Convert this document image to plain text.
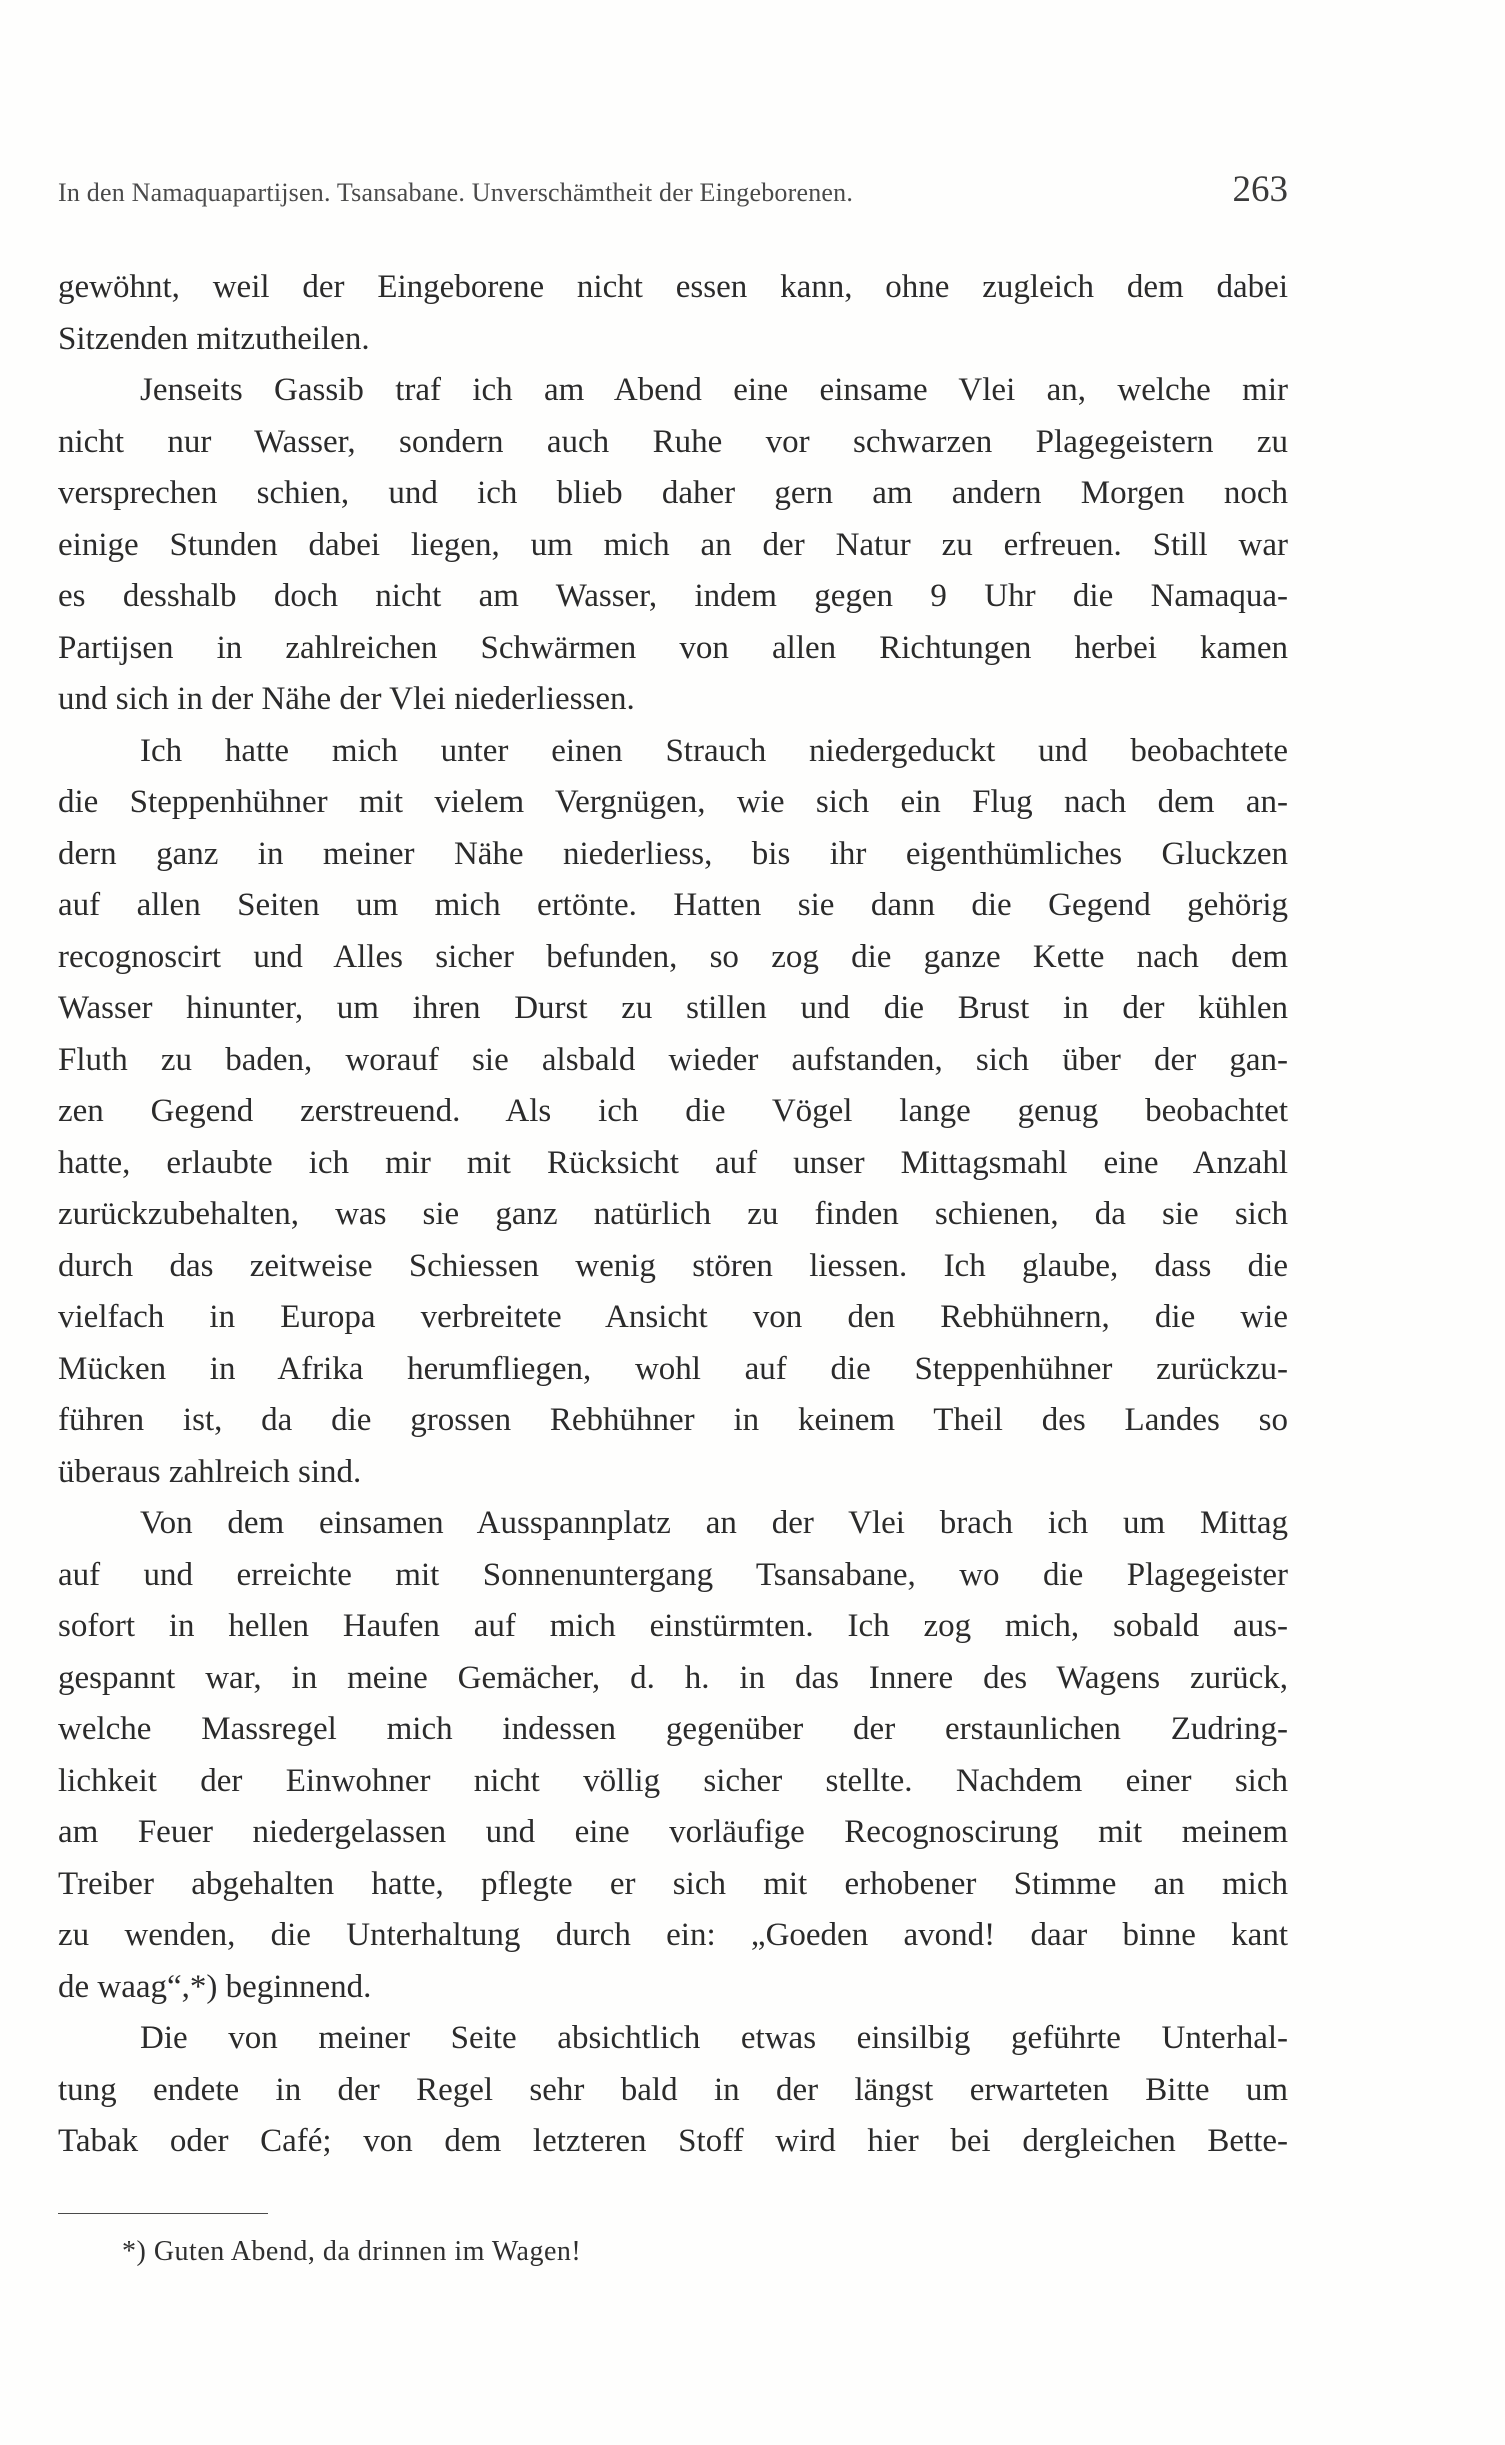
In den Namaquapartijsen. Tsansabane. Unverschämtheit der Eingeborenen.	263
gewöhnt, weil der Eingeborene nicht essen kann, ohne zugleich dem dabei
Sitzenden mitzutheilen.
Jenseits Gassib traf ich am Abend eine einsame Vlei an, welche mir
nicht nur Wasser, sondern auch Ruhe vor schwarzen Plagegeistern zu
versprechen schien, und ich blieb daher gern am andern Morgen noch
einige Stunden dabei liegen, um mich an der Natur zu erfreuen. Still war
es desshalb doch nicht am Wasser, indem gegen 9 Uhr die Namaqua-
Partijsen in zahlreichen Schwärmen von allen Richtungen herbei kamen
und sich in der Nähe der Vlei niederliessen.
Ich hatte mich unter einen Strauch niedergeduckt und beobachtete
die Steppenhühner mit vielem Vergnügen, wie sich ein Flug nach dem an-
dern ganz in meiner Nähe niederliess, bis ihr eigenthümliches Gluckzen
auf allen Seiten um mich ertönte. Hatten sie dann die Gegend gehörig
recognoscirt und Alles sicher befunden, so zog die ganze Kette nach dem
Wasser hinunter, um ihren Durst zu stillen und die Brust in der kühlen
Fluth zu baden, worauf sie alsbald wieder aufstanden, sich über der gan-
zen Gegend zerstreuend. Als ich die Vögel lange genug beobachtet
hatte, erlaubte ich mir mit Rücksicht auf unser Mittagsmahl eine Anzahl
zurückzubehalten, was sie ganz natürlich zu finden schienen, da sie sich
durch das zeitweise Schiessen wenig stören liessen. Ich glaube, dass die
vielfach in Europa verbreitete Ansicht von den Rebhühnern, die wie
Mücken in Afrika herumfliegen, wohl auf die Steppenhühner zurückzu-
führen ist, da die grossen Rebhühner in keinem Theil des Landes so
überaus zahlreich sind.
Von dem einsamen Ausspannplatz an der Vlei brach ich um Mittag
auf und erreichte mit Sonnenuntergang Tsansabane, wo die Plagegeister
sofort in hellen Haufen auf mich einstürmten. Ich zog mich, sobald aus-
gespannt war, in meine Gemächer, d. h. in das Innere des Wagens zurück,
welche Massregel mich indessen gegenüber der erstaunlichen Zudring-
lichkeit der Einwohner nicht völlig sicher stellte. Nachdem einer sich
am Feuer niedergelassen und eine vorläufige Recognoscirung mit meinem
Treiber abgehalten hatte, pflegte er sich mit erhobener Stimme an mich
zu wenden, die Unterhaltung durch ein: „Goeden avond! daar binne kant
de waag“,*) beginnend.
Die von meiner Seite absichtlich etwas einsilbig geführte Unterhal-
tung endete in der Regel sehr bald in der längst erwarteten Bitte um
Tabak oder Café; von dem letzteren Stoff wird hier bei dergleichen Bette-
*) Guten Abend, da drinnen im Wagen!
